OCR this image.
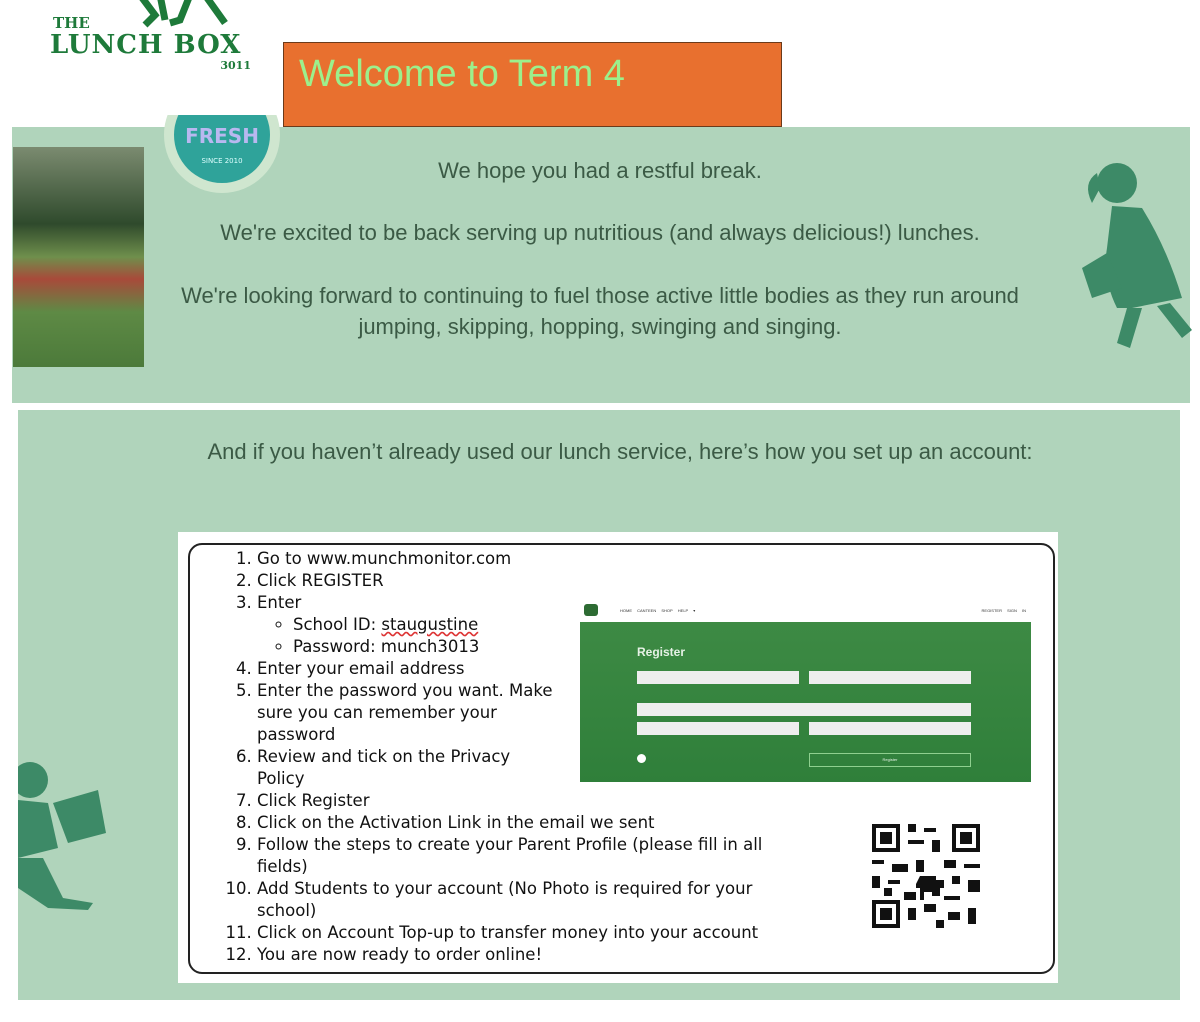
THE
LUNCH BOX
3011 Welcome to Term 4
FRESH
SINCE 2010	We hope you had a restful break.
We're excited to be back serving up nutritious (and always delicious!) lunches.
We're looking forward to continuing to fuel those active little bodies as they run around jumping, skipping, hopping, swinging and singing.
And if you haven’t already used our lunch service, here’s how you set up an account:
1. Go to www.munchmonitor.com
2. Click REGISTER
3. Enter
◦ School ID: staugustine
◦ Password: munch3013
4. Enter your email address
5. Enter the password you want. Make sure you can remember your password
6. Review and tick on the Privacy Policy
7. Click Register
8. Click on the Activation Link in the email we sent
9. Follow the steps to create your Parent Profile (please fill in all fields)
10. Add Students to your account (No Photo is required for your school)
11. Click on Account Top-up to transfer money into your account
12. You are now ready to order online!
HOME CANTEEN SHOP HELP ▾	REGISTER SIGN IN
Register
Register
